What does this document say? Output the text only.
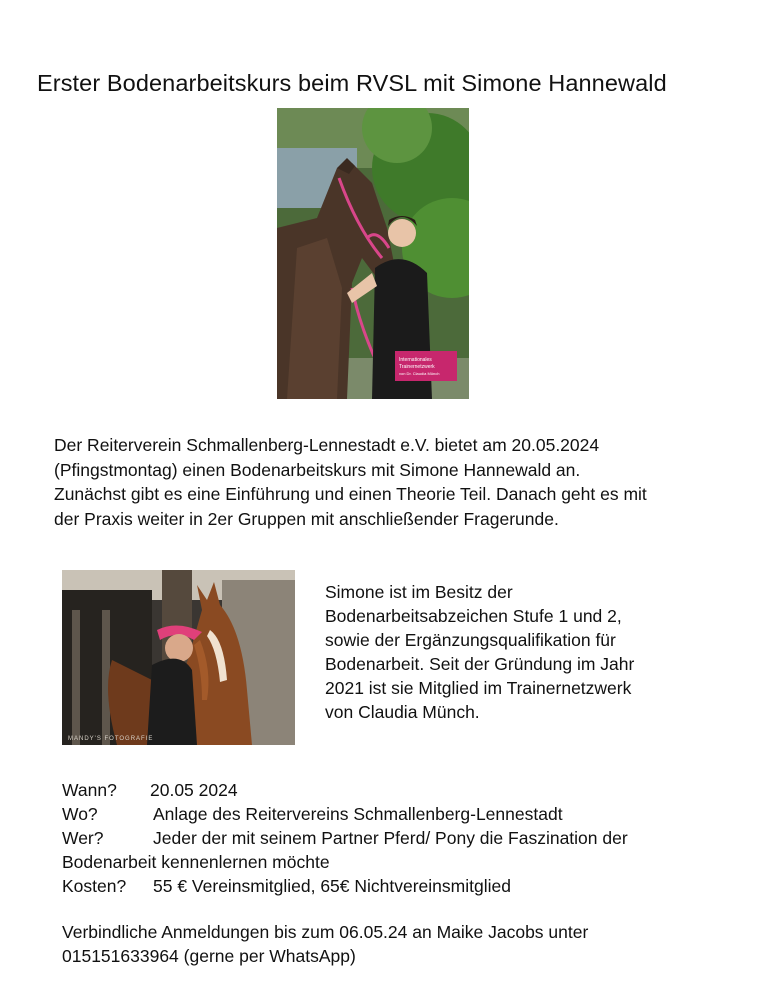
Erster Bodenarbeitskurs beim RVSL mit Simone Hannewald
Internationales
Trainernetzwerk
von Dr. Claudia Münch
Der Reiterverein Schmallenberg-Lennestadt e.V. bietet am 20.05.2024
(Pfingstmontag) einen Bodenarbeitskurs mit Simone Hannewald an.
Zunächst gibt es eine Einführung und einen Theorie Teil. Danach geht es mit
der Praxis weiter in 2er Gruppen mit anschließender Fragerunde.
MANDY'S FOTOGRAFIE
Simone ist im Besitz der
Bodenarbeitsabzeichen Stufe 1 und 2,
sowie der Ergänzungsqualifikation für
Bodenarbeit. Seit der Gründung im Jahr
2021 ist sie Mitglied im Trainernetzwerk
von Claudia Münch.
Wann? 20.05 2024
Wo?	Anlage des Reitervereins Schmallenberg-Lennestadt
Wer?	Jeder der mit seinem Partner Pferd/ Pony die Faszination der
Bodenarbeit kennenlernen möchte
Kosten? 55 € Vereinsmitglied, 65€ Nichtvereinsmitglied
Verbindliche Anmeldungen bis zum 06.05.24 an Maike Jacobs unter
015151633964 (gerne per WhatsApp)
